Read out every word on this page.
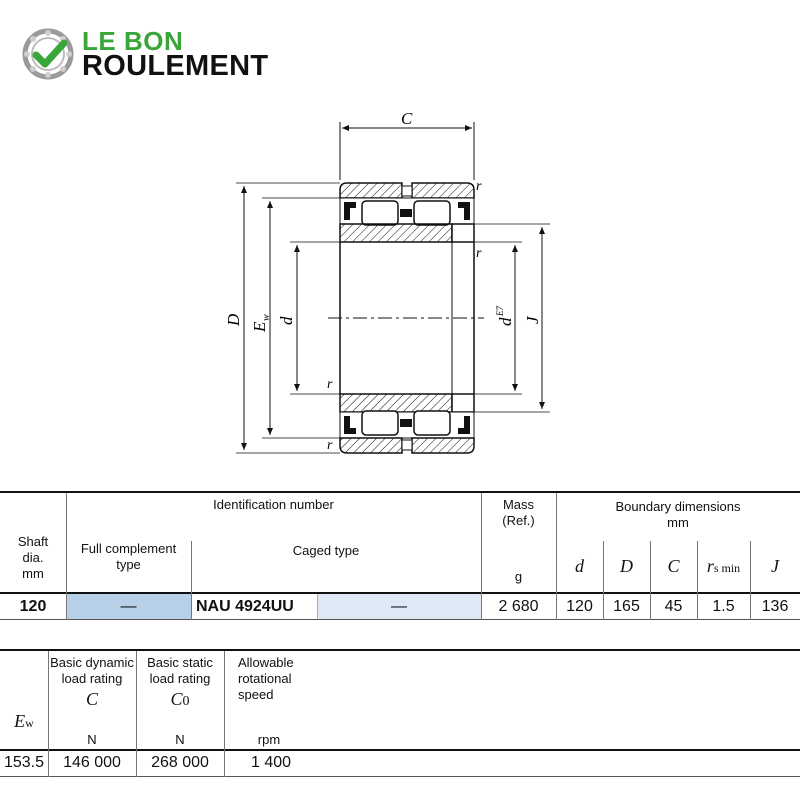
LE BON
ROULEMENT
C
D
E
w d	d
E7
J
r
r
r
r
Shaft
dia.
mm
Identification number
Full complement
type
Caged type
Mass
(Ref.)
g
Boundary dimensions
mm
d	D	C	rs min	J
120	—	NAU 4924UU	—	2 680	120	165	45	1.5	136
Ew
Basic dynamic
load rating
C
N
Basic static
load rating
C0
N
Allowable
rotational
speed
rpm
153.5	146 000	268 000	1 400
